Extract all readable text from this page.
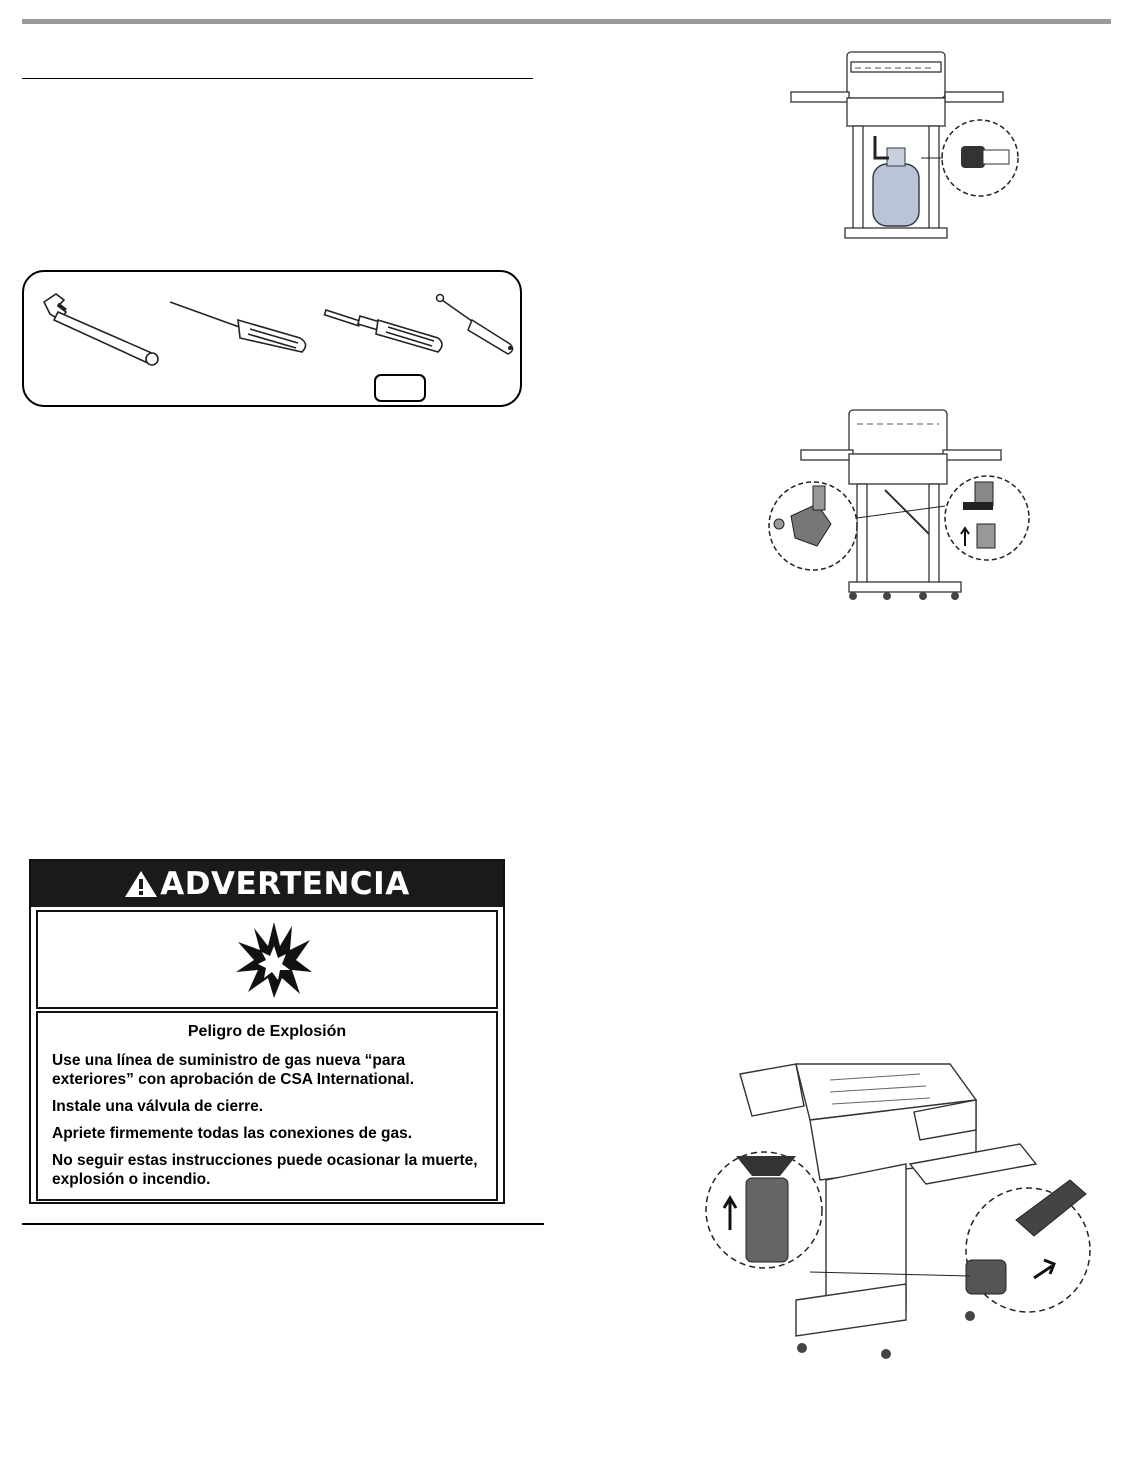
ADVERTENCIA
Peligro de Explosión
Use una línea de suministro de gas nueva “para exteriores” con aprobación de CSA International.
Instale una válvula de cierre.
Apriete firmemente todas las conexiones de gas.
No seguir estas instrucciones puede ocasionar la muerte, explosión o incendio.
